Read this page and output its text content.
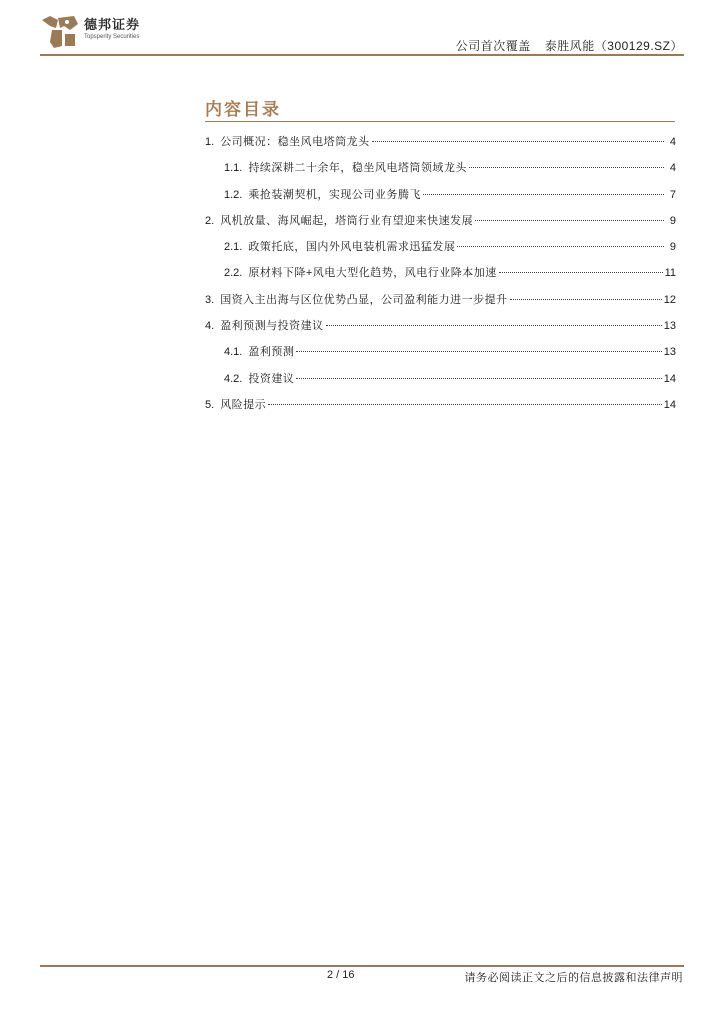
德邦证券
Topsperity Securities
公司首次覆盖 泰胜风能（300129.SZ）
内容目录
1. 公司概况：稳坐风电塔筒龙头	4
1.1. 持续深耕二十余年，稳坐风电塔筒领域龙头	4
1.2. 乘抢装潮契机，实现公司业务腾飞	7
2. 风机放量、海风崛起，塔筒行业有望迎来快速发展	9
2.1. 政策托底，国内外风电装机需求迅猛发展	9
2.2. 原材料下降+风电大型化趋势，风电行业降本加速	11
3. 国资入主出海与区位优势凸显，公司盈利能力进一步提升	12
4. 盈利预测与投资建议	13
4.1. 盈利预测	13
4.2. 投资建议	14
5. 风险提示	14
2 / 16	请务必阅读正文之后的信息披露和法律声明
